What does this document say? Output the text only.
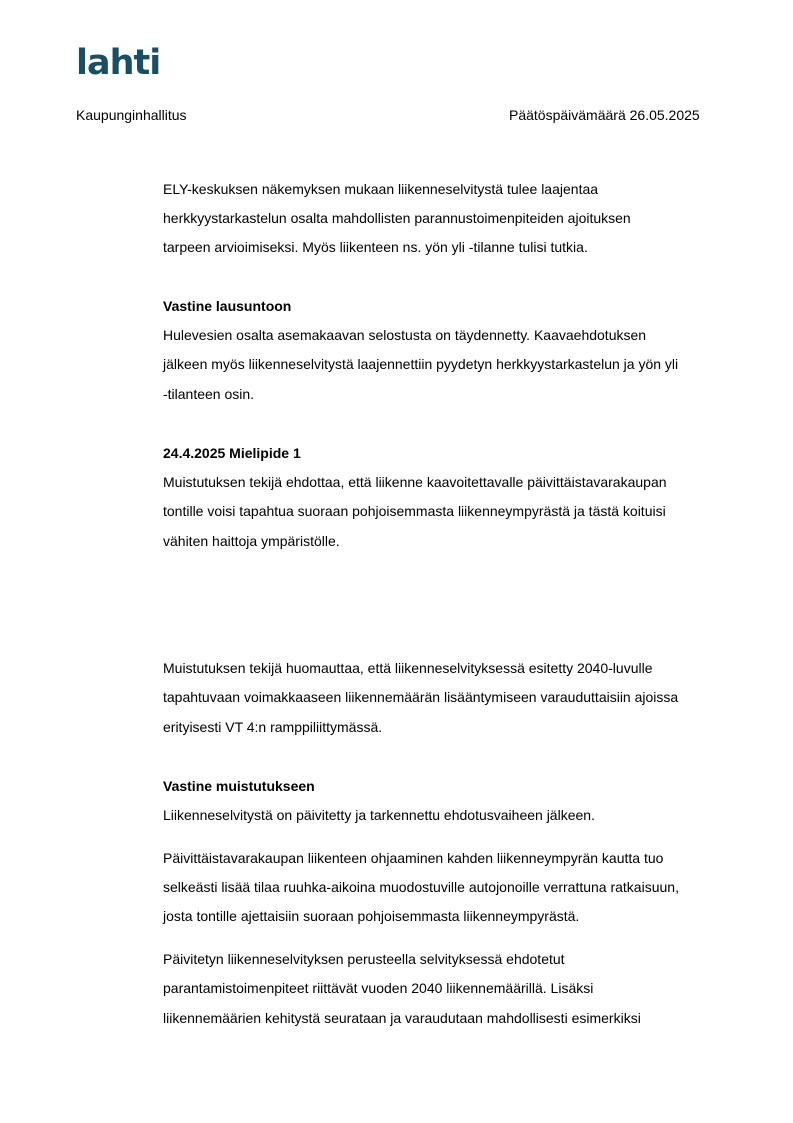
lahti
Kaupunginhallitus	Päätöspäivämäärä 26.05.2025
ELY-keskuksen näkemyksen mukaan liikenneselvitystä tulee laajentaa
herkkyystarkastelun osalta mahdollisten parannustoimenpiteiden ajoituksen
tarpeen arvioimiseksi. Myös liikenteen ns. yön yli -tilanne tulisi tutkia.
Vastine lausuntoon
Hulevesien osalta asemakaavan selostusta on täydennetty. Kaavaehdotuksen
jälkeen myös liikenneselvitystä laajennettiin pyydetyn herkkyystarkastelun ja yön yli
-tilanteen osin.
24.4.2025 Mielipide 1
Muistutuksen tekijä ehdottaa, että liikenne kaavoitettavalle päivittäistavarakaupan
tontille voisi tapahtua suoraan pohjoisemmasta liikenneympyrästä ja tästä koituisi
vähiten haittoja ympäristölle.
Muistutuksen tekijä huomauttaa, että liikenneselvityksessä esitetty 2040-luvulle
tapahtuvaan voimakkaaseen liikennemäärän lisääntymiseen varauduttaisiin ajoissa
erityisesti VT 4:n ramppiliittymässä.
Vastine muistutukseen
Liikenneselvitystä on päivitetty ja tarkennettu ehdotusvaiheen jälkeen.
Päivittäistavarakaupan liikenteen ohjaaminen kahden liikenneympyrän kautta tuo
selkeästi lisää tilaa ruuhka-aikoina muodostuville autojonoille verrattuna ratkaisuun,
josta tontille ajettaisiin suoraan pohjoisemmasta liikenneympyrästä.
Päivitetyn liikenneselvityksen perusteella selvityksessä ehdotetut
parantamistoimenpiteet riittävät vuoden 2040 liikennemäärillä. Lisäksi
liikennemäärien kehitystä seurataan ja varaudutaan mahdollisesti esimerkiksi
